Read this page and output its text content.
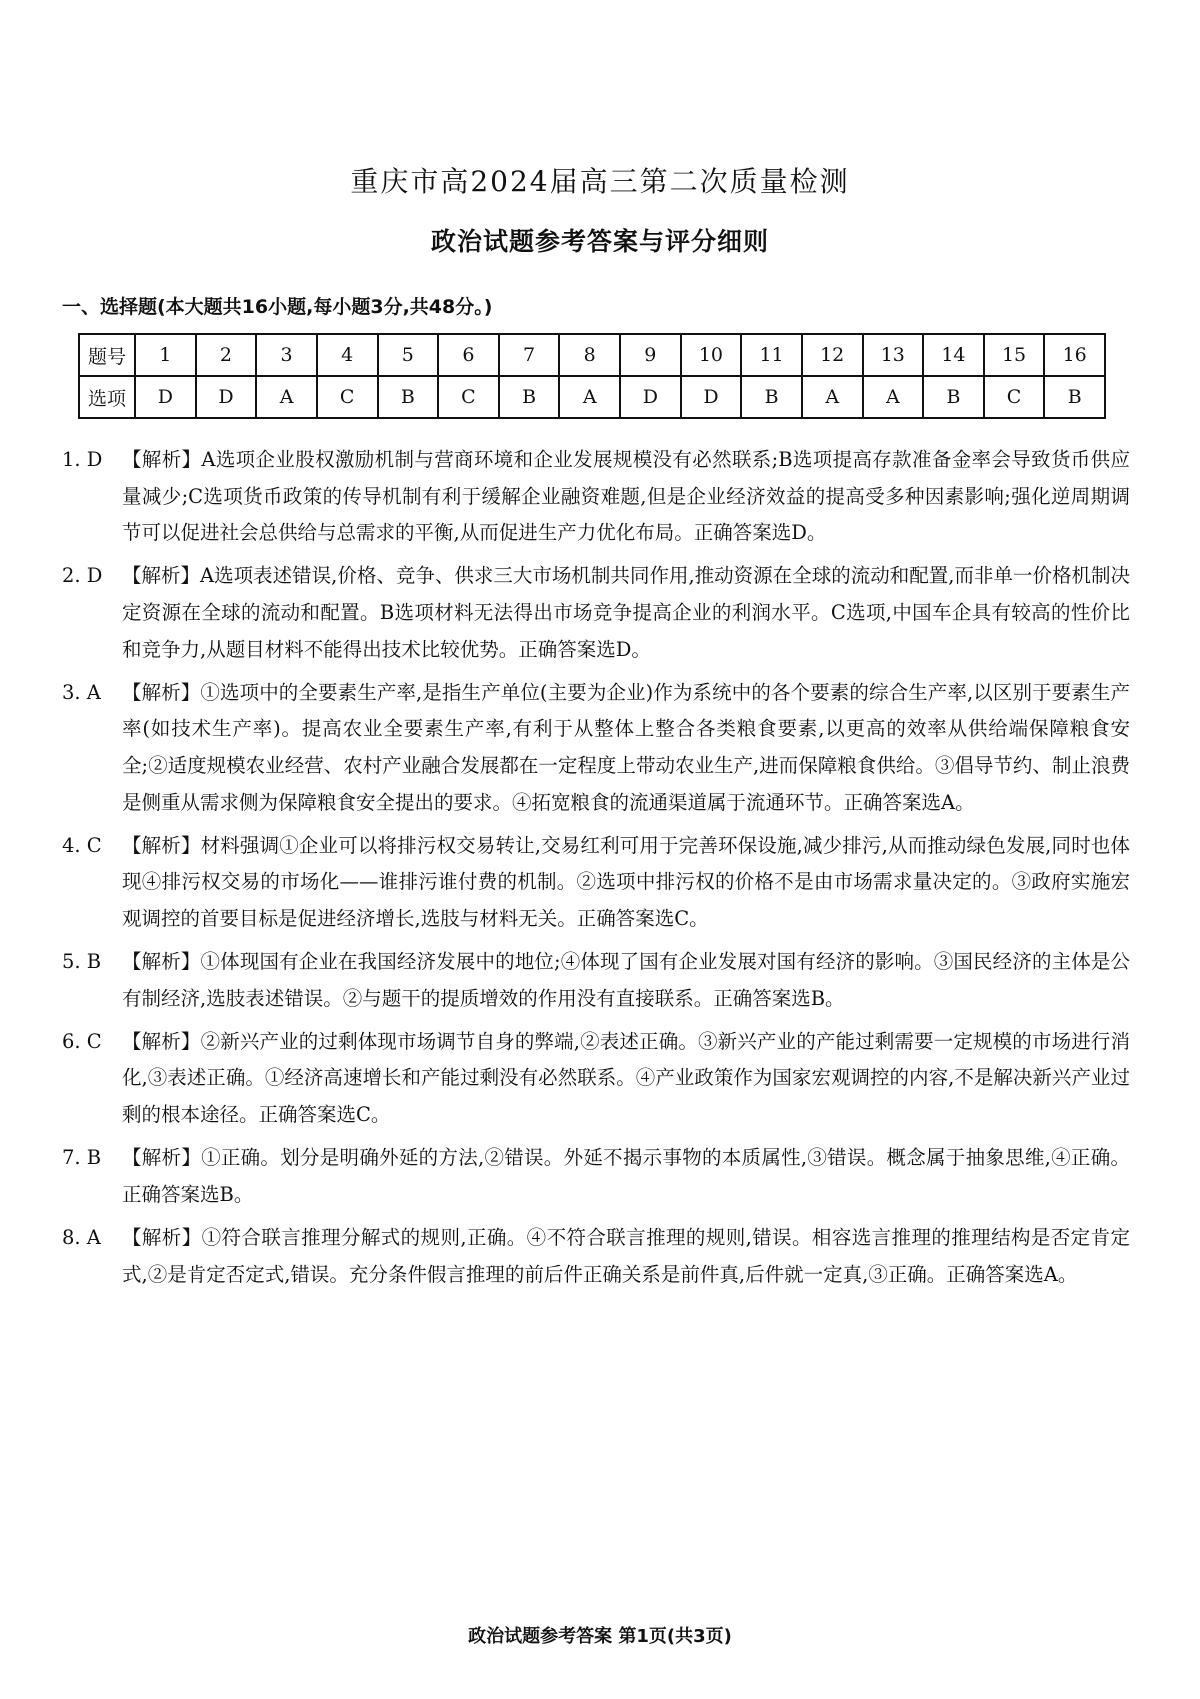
重庆市高2024届高三第二次质量检测
政治试题参考答案与评分细则
一、选择题(本大题共16小题,每小题3分,共48分。)
题号	1	2	3	4	5	6	7	8	9	10	11	12	13	14	15	16
选项	D	D	A	C	B	C	B	A	D	D	B	A	A	B	C	B
1. D	【解析】A选项企业股权激励机制与营商环境和企业发展规模没有必然联系;B选项提高存款准备金率会导致货币供应量减少;C选项货币政策的传导机制有利于缓解企业融资难题,但是企业经济效益的提高受多种因素影响;强化逆周期调节可以促进社会总供给与总需求的平衡,从而促进生产力优化布局。正确答案选D。
2. D	【解析】A选项表述错误,价格、竞争、供求三大市场机制共同作用,推动资源在全球的流动和配置,而非单一价格机制决定资源在全球的流动和配置。B选项材料无法得出市场竞争提高企业的利润水平。C选项,中国车企具有较高的性价比和竞争力,从题目材料不能得出技术比较优势。正确答案选D。
3. A	【解析】①选项中的全要素生产率,是指生产单位(主要为企业)作为系统中的各个要素的综合生产率,以区别于要素生产率(如技术生产率)。提高农业全要素生产率,有利于从整体上整合各类粮食要素,以更高的效率从供给端保障粮食安全;②适度规模农业经营、农村产业融合发展都在一定程度上带动农业生产,进而保障粮食供给。③倡导节约、制止浪费是侧重从需求侧为保障粮食安全提出的要求。④拓宽粮食的流通渠道属于流通环节。正确答案选A。
4. C	【解析】材料强调①企业可以将排污权交易转让,交易红利可用于完善环保设施,减少排污,从而推动绿色发展,同时也体现④排污权交易的市场化——谁排污谁付费的机制。②选项中排污权的价格不是由市场需求量决定的。③政府实施宏观调控的首要目标是促进经济增长,选肢与材料无关。正确答案选C。
5. B	【解析】①体现国有企业在我国经济发展中的地位;④体现了国有企业发展对国有经济的影响。③国民经济的主体是公有制经济,选肢表述错误。②与题干的提质增效的作用没有直接联系。正确答案选B。
6. C	【解析】②新兴产业的过剩体现市场调节自身的弊端,②表述正确。③新兴产业的产能过剩需要一定规模的市场进行消化,③表述正确。①经济高速增长和产能过剩没有必然联系。④产业政策作为国家宏观调控的内容,不是解决新兴产业过剩的根本途径。正确答案选C。
7. B	【解析】①正确。划分是明确外延的方法,②错误。外延不揭示事物的本质属性,③错误。概念属于抽象思维,④正确。正确答案选B。
8. A	【解析】①符合联言推理分解式的规则,正确。④不符合联言推理的规则,错误。相容选言推理的推理结构是否定肯定式,②是肯定否定式,错误。充分条件假言推理的前后件正确关系是前件真,后件就一定真,③正确。正确答案选A。
政治试题参考答案 第1页(共3页)
